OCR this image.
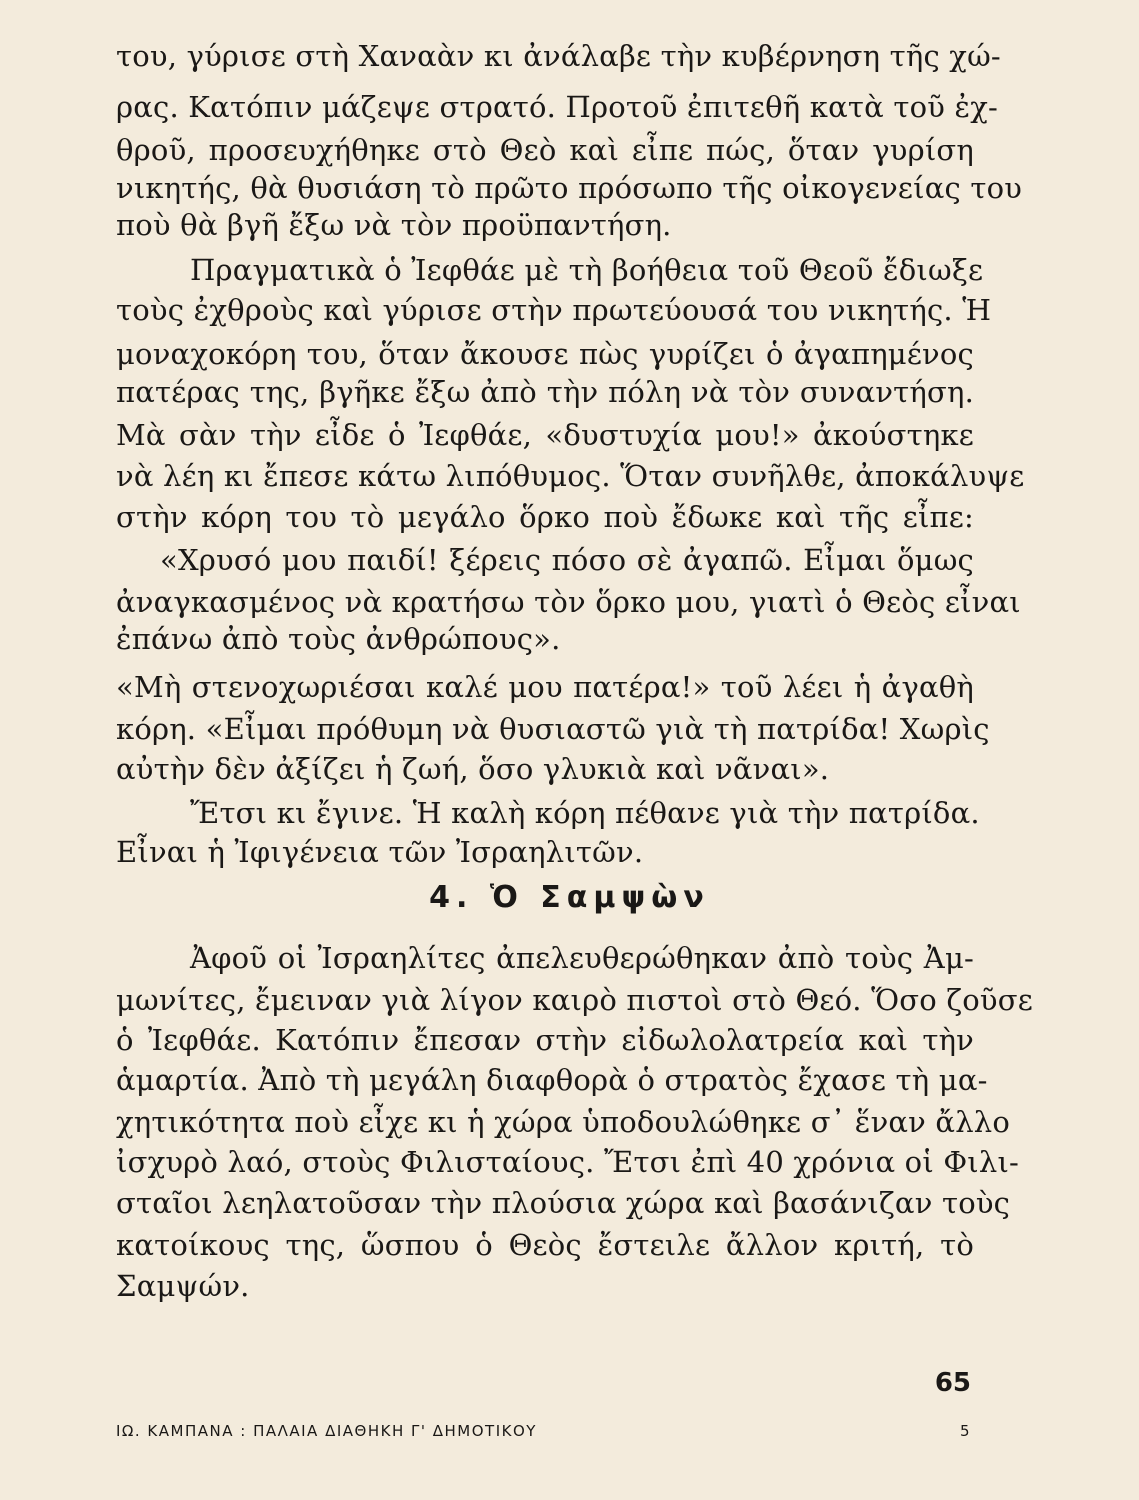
του, γύρισε στὴ Χαναὰν κι ἀνάλαβε τὴν κυβέρνηση τῆς χώ-
ρας. Κατόπιν μάζεψε στρατό. Προτοῦ ἐπιτεθῆ κατὰ τοῦ ἐχ-
θροῦ, προσευχήθηκε στὸ Θεὸ καὶ εἶπε πώς, ὅταν γυρίση
νικητής, θὰ θυσιάση τὸ πρῶτο πρόσωπο τῆς οἰκογενείας του
ποὺ θὰ βγῆ ἔξω νὰ τὸν προϋπαντήση.
Πραγματικὰ ὁ Ἰεφθάε μὲ τὴ βοήθεια τοῦ Θεοῦ ἔδιωξε
τοὺς ἐχθροὺς καὶ γύρισε στὴν πρωτεύουσά του νικητής. Ἡ
μοναχοκόρη του, ὅταν ἄκουσε πὼς γυρίζει ὁ ἀγαπημένος
πατέρας της, βγῆκε ἔξω ἀπὸ τὴν πόλη νὰ τὸν συναντήση.
Μὰ σὰν τὴν εἶδε ὁ Ἰεφθάε, «δυστυχία μου!» ἀκούστηκε
νὰ λέη κι ἔπεσε κάτω λιπόθυμος. Ὅταν συνῆλθε, ἀποκάλυψε
στὴν κόρη του τὸ μεγάλο ὅρκο ποὺ ἔδωκε καὶ τῆς εἶπε:
«Χρυσό μου παιδί! ξέρεις πόσο σὲ ἀγαπῶ. Εἶμαι ὅμως
ἀναγκασμένος νὰ κρατήσω τὸν ὅρκο μου, γιατὶ ὁ Θεὸς εἶναι
ἐπάνω ἀπὸ τοὺς ἀνθρώπους».
«Μὴ στενοχωριέσαι καλέ μου πατέρα!» τοῦ λέει ἡ ἀγαθὴ
κόρη. «Εἶμαι πρόθυμη νὰ θυσιαστῶ γιὰ τὴ πατρίδα! Χωρὶς
αὐτὴν δὲν ἀξίζει ἡ ζωή, ὅσο γλυκιὰ καὶ νᾶναι».
Ἔτσι κι ἔγινε. Ἡ καλὴ κόρη πέθανε γιὰ τὴν πατρίδα.
Εἶναι ἡ Ἰφιγένεια τῶν Ἰσραηλιτῶν.
4. Ὁ Σαμψὼν
Ἀφοῦ οἱ Ἰσραηλίτες ἀπελευθερώθηκαν ἀπὸ τοὺς Ἀμ-
μωνίτες, ἔμειναν γιὰ λίγον καιρὸ πιστοὶ στὸ Θεό. Ὅσο ζοῦσε
ὁ Ἰεφθάε. Κατόπιν ἔπεσαν στὴν εἰδωλολατρεία καὶ τὴν
ἁμαρτία. Ἀπὸ τὴ μεγάλη διαφθορὰ ὁ στρατὸς ἔχασε τὴ μα-
χητικότητα ποὺ εἶχε κι ἡ χώρα ὑποδουλώθηκε σ᾽ ἕναν ἄλλο
ἰσχυρὸ λαό, στοὺς Φιλισταίους. Ἔτσι ἐπὶ 40 χρόνια οἱ Φιλι-
σταῖοι λεηλατοῦσαν τὴν πλούσια χώρα καὶ βασάνιζαν τοὺς
κατοίκους της, ὥσπου ὁ Θεὸς ἔστειλε ἄλλον κριτή, τὸ
Σαμψών.
65
ΙΩ. ΚΑΜΠΑΝΑ : ΠΑΛΑΙΑ ΔΙΑΘΗΚΗ Γ' ΔΗΜΟΤΙΚΟΥ	5
